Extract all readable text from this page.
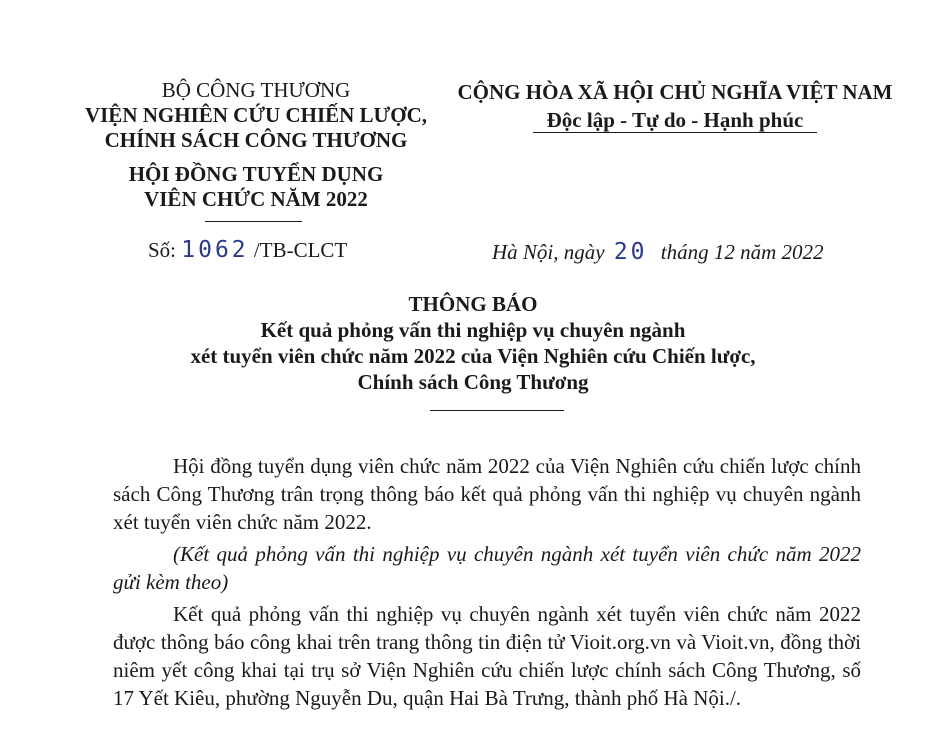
BỘ CÔNG THƯƠNG
VIỆN NGHIÊN CỨU CHIẾN LƯỢC,
CHÍNH SÁCH CÔNG THƯƠNG
HỘI ĐỒNG TUYỂN DỤNG
VIÊN CHỨC NĂM 2022
CỘNG HÒA XÃ HỘI CHỦ NGHĨA VIỆT NAM
Độc lập - Tự do - Hạnh phúc
Số: 1062 /TB-CLCT	Hà Nội, ngày 20 tháng 12 năm 2022
THÔNG BÁO
Kết quả phỏng vấn thi nghiệp vụ chuyên ngành
xét tuyển viên chức năm 2022 của Viện Nghiên cứu Chiến lược,
Chính sách Công Thương
Hội đồng tuyển dụng viên chức năm 2022 của Viện Nghiên cứu chiến lược chính sách Công Thương trân trọng thông báo kết quả phỏng vấn thi nghiệp vụ chuyên ngành xét tuyển viên chức năm 2022.
(Kết quả phỏng vấn thi nghiệp vụ chuyên ngành xét tuyển viên chức năm 2022 gửi kèm theo)
Kết quả phỏng vấn thi nghiệp vụ chuyên ngành xét tuyển viên chức năm 2022 được thông báo công khai trên trang thông tin điện tử Vioit.org.vn và Vioit.vn, đồng thời niêm yết công khai tại trụ sở Viện Nghiên cứu chiến lược chính sách Công Thương, số 17 Yết Kiêu, phường Nguyễn Du, quận Hai Bà Trưng, thành phố Hà Nội./.
